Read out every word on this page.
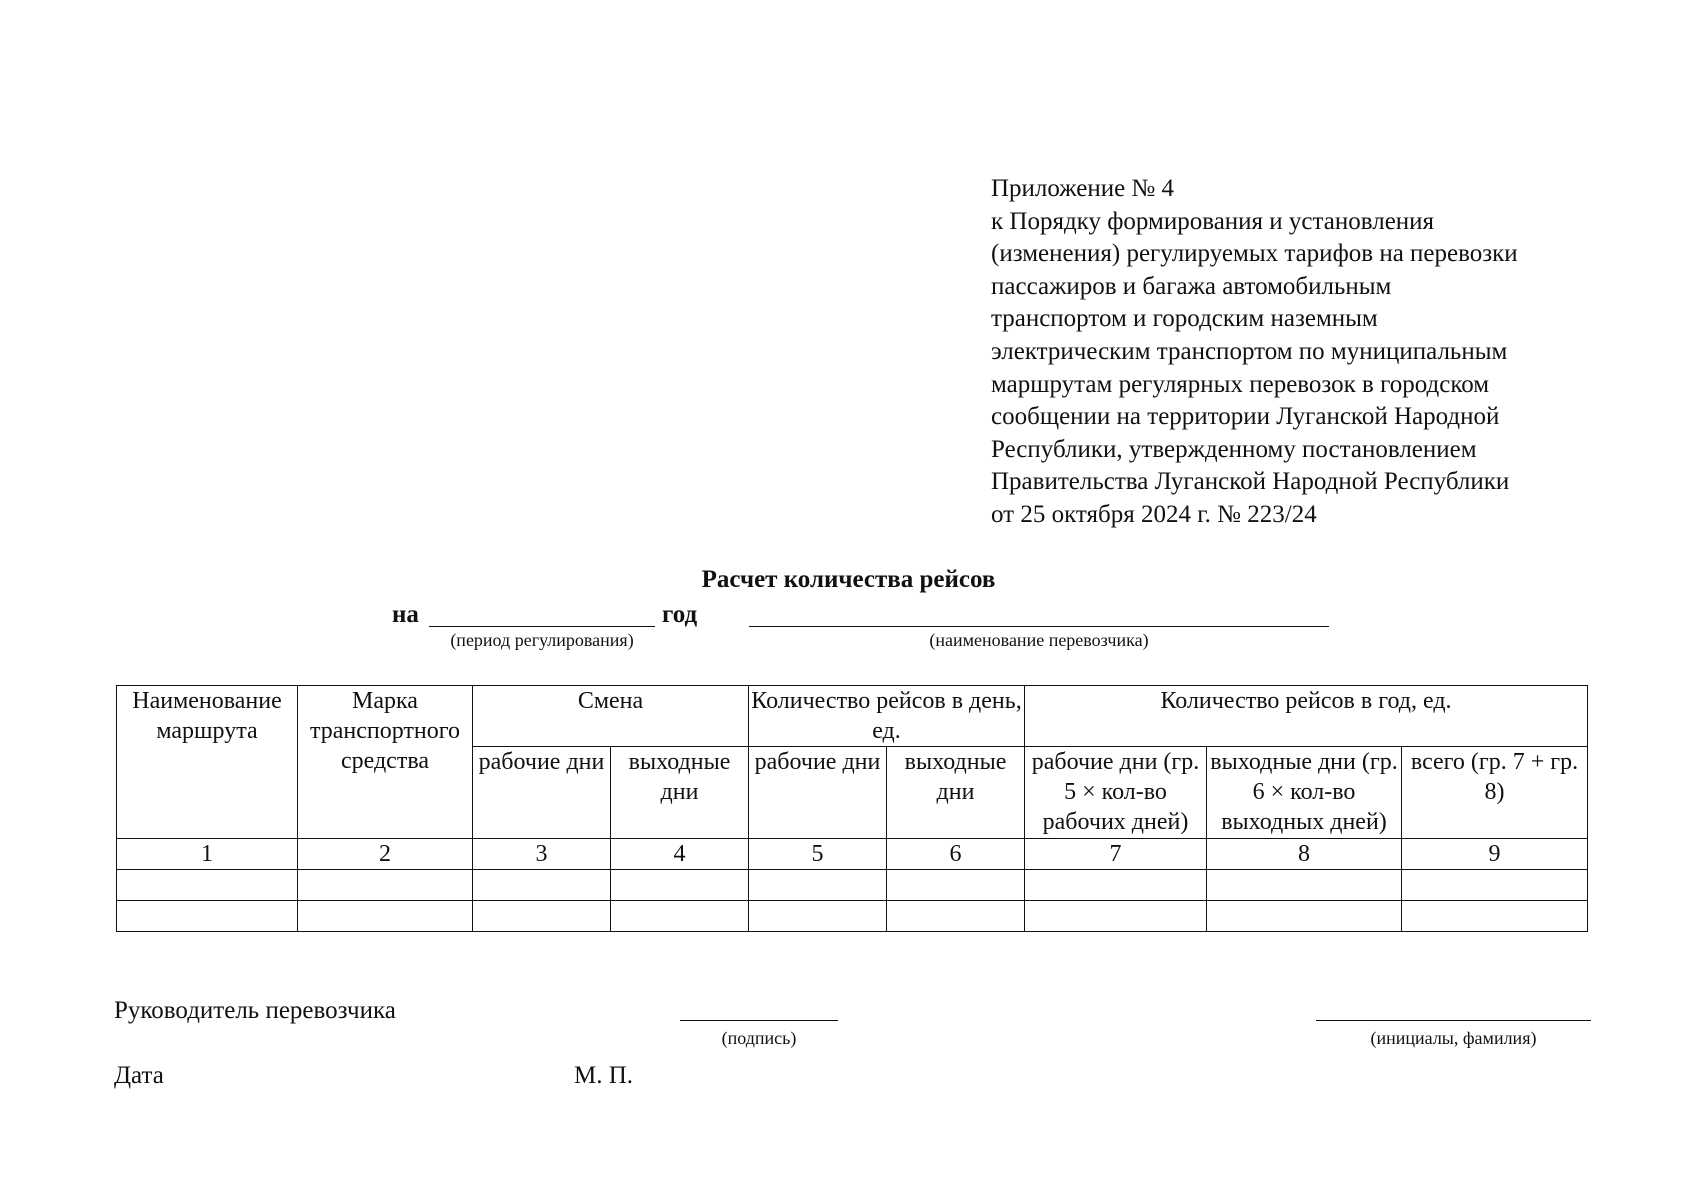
Приложение № 4
к Порядку формирования и установления
(изменения) регулируемых тарифов на перевозки
пассажиров и багажа автомобильным
транспортом и городским наземным
электрическим транспортом по муниципальным
маршрутам регулярных перевозок в городском
сообщении на территории Луганской Народной
Республики, утвержденному постановлением
Правительства Луганской Народной Республики
от 25 октября 2024 г. № 223/24
Расчет количества рейсов
на	год
(период регулирования)	(наименование перевозчика)
Наименование маршрута	Марка транспортного средства	Смена		Количество рейсов в день, ед.		Количество рейсов в год, ед.		
		рабочие дни	выходные дни	рабочие дни	выходные дни	рабочие дни (гр. 5 × кол-во рабочих дней)	выходные дни (гр. 6 × кол-во выходных дней)	всего (гр. 7 + гр. 8)
1	2	3	4	5	6	7	8	9

Руководитель перевозчика
(подпись)	(инициалы, фамилия)
Дата	М. П.
